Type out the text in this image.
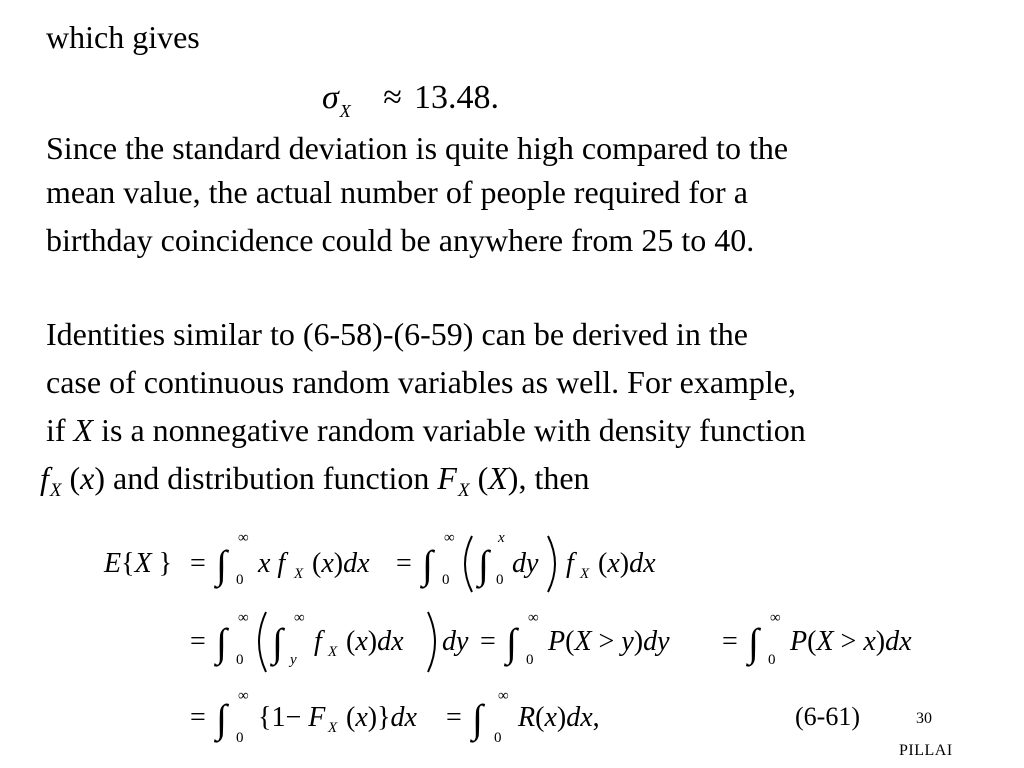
which gives
$\sigma_X \approx 13.48$.
Since the standard deviation is quite high compared to the
mean value, the actual number of people required for a
birthday coincidence could be anywhere from 25 to 40.
Identities similar to (6-58)-(6-59) can be derived in the
case of continuous random variables as well. For example,
if X is a nonnegative random variable with density function
$f_X$ (x) and distribution function $F_X$ (X), then
E{X } = ∫
∞
0
x f X (x)dx = ∫
∞
0 ∫
x
0
dy f X (x)dx
= ∫
∞
0 ∫
∞
y
f X (x)dx dy = ∫
∞
0
P(X > y)dy = ∫
∞
0
P(X > x)dx
= ∫ ∞
0
{1− F X (x)}dx = ∫ ∞
0
R(x)dx,	(6-61)	30
PILLAI
